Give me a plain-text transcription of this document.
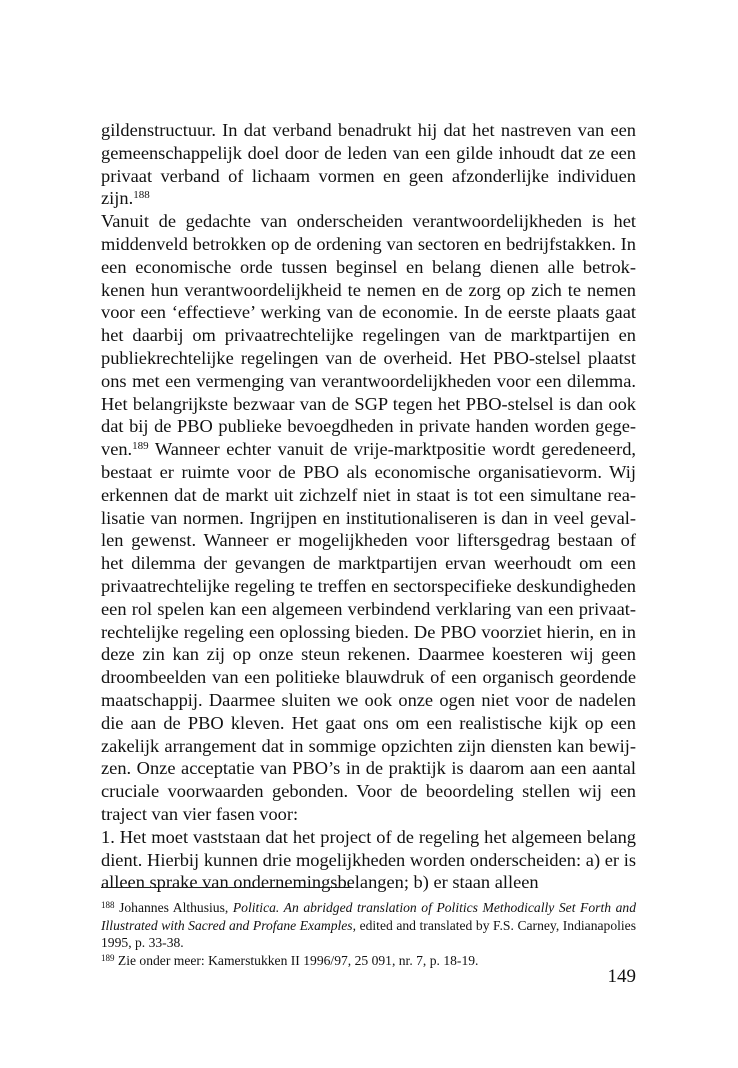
gildenstructuur. In dat verband benadrukt hij dat het nastreven van een gemeenschappelijk doel door de leden van een gilde inhoudt dat ze een privaat verband of lichaam vormen en geen afzonderlijke individuen zijn.$^{188}$

Vanuit de gedachte van onderscheiden verantwoordelijkheden is het middenveld betrokken op de ordening van sectoren en bedrijfstakken. In een economische orde tussen beginsel en belang dienen alle betrokkenen hun verantwoordelijkheid te nemen en de zorg op zich te nemen voor een ‘effectieve’ werking van de economie. In de eerste plaats gaat het daarbij om privaatrechtelijke regelingen van de marktpartijen en publiekrechtelijke regelingen van de overheid. Het PBO-stelsel plaatst ons met een vermenging van verantwoordelijkheden voor een dilemma. Het belangrijkste bezwaar van de SGP tegen het PBO-stelsel is dan ook dat bij de PBO publieke bevoegdheden in private handen worden gegeven.$^{189}$ Wanneer echter vanuit de vrije-marktpositie wordt geredeneerd, bestaat er ruimte voor de PBO als economische organisatievorm. Wij erkennen dat de markt uit zichzelf niet in staat is tot een simultane realisatie van normen. Ingrijpen en institutionaliseren is dan in veel gevallen gewenst. Wanneer er mogelijkheden voor liftersgedrag bestaan of het dilemma der gevangen de marktpartijen ervan weerhoudt om een privaatrechtelijke regeling te treffen en sectorspecifieke deskundigheden een rol spelen kan een algemeen verbindend verklaring van een privaatrechtelijke regeling een oplossing bieden. De PBO voorziet hierin, en in deze zin kan zij op onze steun rekenen. Daarmee koesteren wij geen droombeelden van een politieke blauwdruk of een organisch geordende maatschappij. Daarmee sluiten we ook onze ogen niet voor de nadelen die aan de PBO kleven. Het gaat ons om een realistische kijk op een zakelijk arrangement dat in sommige opzichten zijn diensten kan bewijzen. Onze acceptatie van PBO’s in de praktijk is daarom aan een aantal cruciale voorwaarden gebonden. Voor de beoordeling stellen wij een traject van vier fasen voor:

1. Het moet vaststaan dat het project of de regeling het algemeen belang dient. Hierbij kunnen drie mogelijkheden worden onderscheiden: a) er is alleen sprake van ondernemingsbelangen; b) er staan alleen

$^{188}$ Johannes Althusius, Politica. An abridged translation of Politics Methodically Set Forth and Illustrated with Sacred and Profane Examples, edited and translated by F.S. Carney, Indianapolies 1995, p. 33-38.

$^{189}$ Zie onder meer: Kamerstukken II 1996/97, 25 091, nr. 7, p. 18-19.

149
